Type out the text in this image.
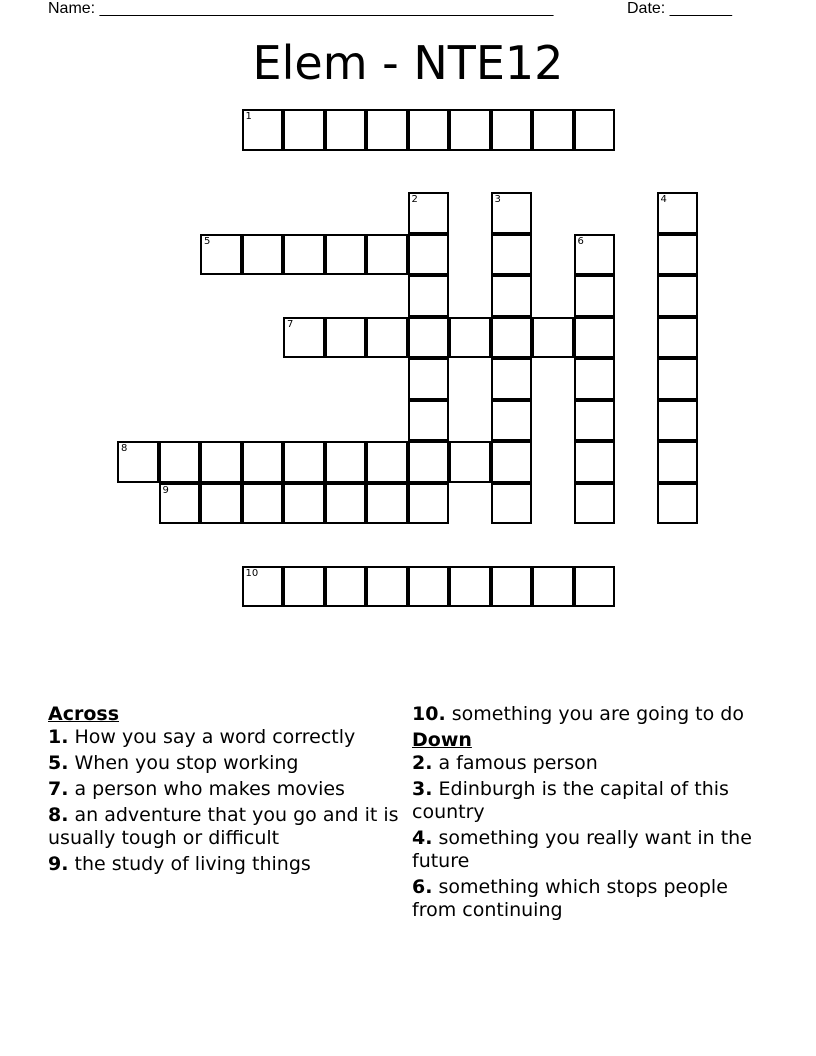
Name: ___________________________________________________	Date: _______
Elem - NTE12
1
2	3	4
5	6
7
8
9
10
Across
1. How you say a word correctly
5. When you stop working
7. a person who makes movies
8. an adventure that you go and it is usually tough or difficult
9. the study of living things
10. something you are going to do
Down
2. a famous person
3. Edinburgh is the capital of this country
4. something you really want in the future
6. something which stops people from continuing
